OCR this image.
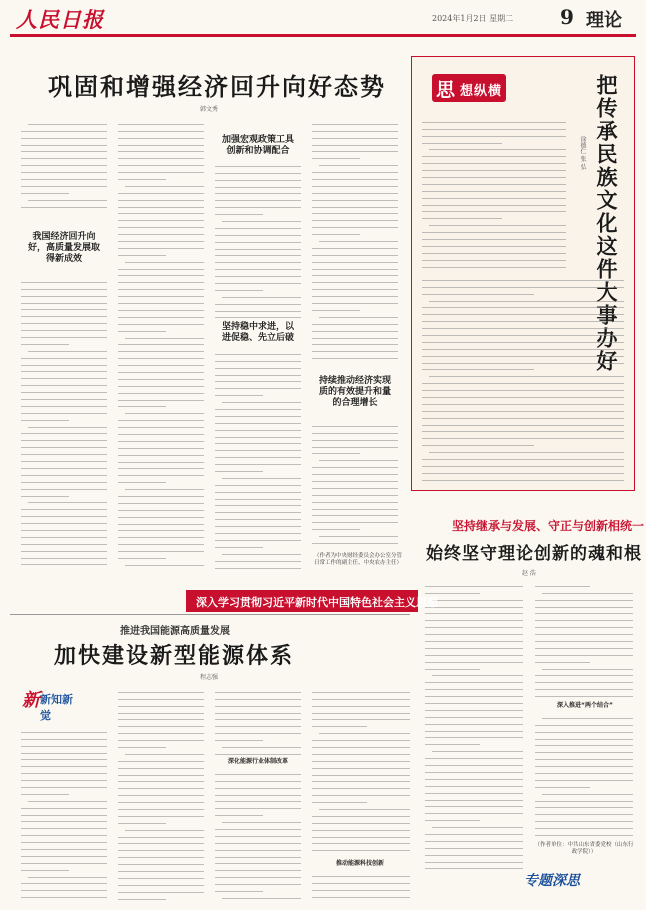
人民日报	2024年1月2日 星期二 9 理论
巩固和增强经济回升向好态势
韩文秀
我国经济回升向好，高质量发展取得新成效
加强宏观政策工具创新和协调配合
坚持稳中求进，以进促稳、先立后破
持续推动经济实现质的有效提升和量的合理增长
（作者为中央财经委员会办公室分管日常工作的副主任、中央农办主任）
思 想纵横	把传承民族文化这件大事办好
徐德仁 张 弘
坚持继承与发展、守正与创新相统一
始终坚守理论创新的魂和根
赵 浩
深入推进“两个结合”
（作者单位：中共山东省委党校（山东行政学院））
深入学习贯彻习近平新时代中国特色社会主义思想
推进我国能源高质量发展
加快建设新型能源体系
程志强
新 新知新觉
深化能源行业体制改革
推动能源科技创新
专题深思
